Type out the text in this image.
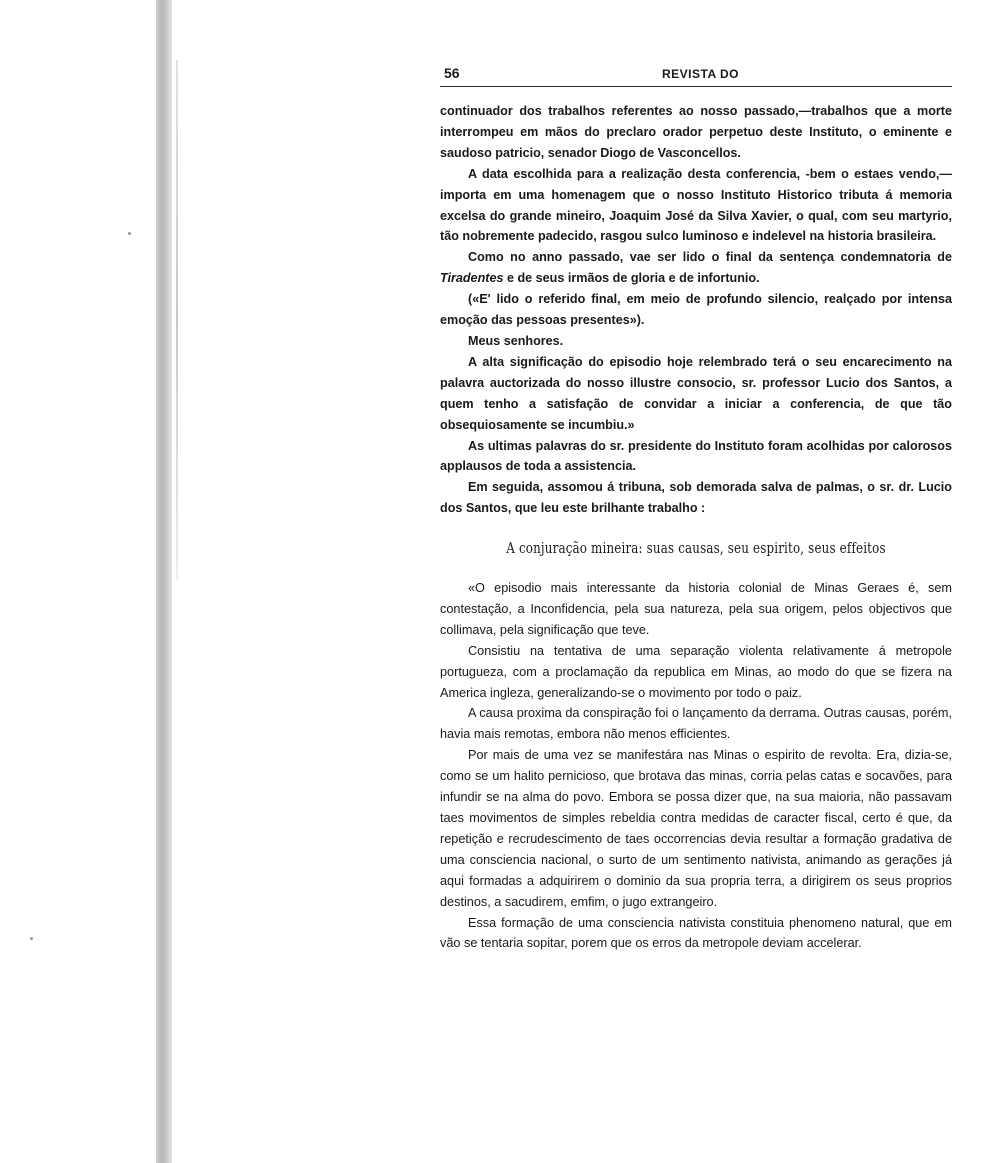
56	REVISTA DO

continuador dos trabalhos referentes ao nosso passado,—trabalhos que a morte interrompeu em mãos do preclaro orador perpetuo deste Instituto, o eminente e saudoso patricio, senador Diogo de Vasconcellos.

A data escolhida para a realização desta conferencia, -bem o estaes vendo,—importa em uma homenagem que o nosso Instituto Historico tributa á memoria excelsa do grande mineiro, Joaquim José da Silva Xavier, o qual, com seu martyrio, tão nobremente padecido, rasgou sulco luminoso e indelevel na historia brasileira.

Como no anno passado, vae ser lido o final da sentença condemnatoria de Tiradentes e de seus irmãos de gloria e de infortunio.

(«E' lido o referido final, em meio de profundo silencio, realçado por intensa emoção das pessoas presentes»).

Meus senhores.

A alta significação do episodio hoje relembrado terá o seu encarecimento na palavra auctorizada do nosso illustre consocio, sr. professor Lucio dos Santos, a quem tenho a satisfação de convidar a iniciar a conferencia, de que tão obsequiosamente se incumbiu.»

As ultimas palavras do sr. presidente do Instituto foram acolhidas por calorosos applausos de toda a assistencia.

Em seguida, assomou á tribuna, sob demorada salva de palmas, o sr. dr. Lucio dos Santos, que leu este brilhante trabalho :

A conjuração mineira: suas causas, seu espirito, seus effeitos

«O episodio mais interessante da historia colonial de Minas Geraes é, sem contestação, a Inconfidencia, pela sua natureza, pela sua origem, pelos objectivos que collimava, pela significação que teve.

Consistiu na tentativa de uma separação violenta relativamente á metropole portugueza, com a proclamação da republica em Minas, ao modo do que se fizera na America ingleza, generalizando-se o movimento por todo o paiz.

A causa proxima da conspiração foi o lançamento da derrama. Outras causas, porém, havia mais remotas, embora não menos efficientes.

Por mais de uma vez se manifestára nas Minas o espirito de revolta. Era, dizia-se, como se um halito pernicioso, que brotava das minas, corria pelas catas e socavões, para infundir se na alma do povo. Embora se possa dizer que, na sua maioria, não passavam taes movimentos de simples rebeldia contra medidas de caracter fiscal, certo é que, da repetição e recrudescimento de taes occorrencias devia resultar a formação gradativa de uma consciencia nacional, o surto de um sentimento nativista, animando as gerações já aqui formadas a adquirirem o dominio da sua propria terra, a dirigirem os seus proprios destinos, a sacudirem, emfim, o jugo extrangeiro.

Essa formação de uma consciencia nativista constituia phenomeno natural, que em vão se tentaria sopitar, porem que os erros da metropole deviam accelerar.
